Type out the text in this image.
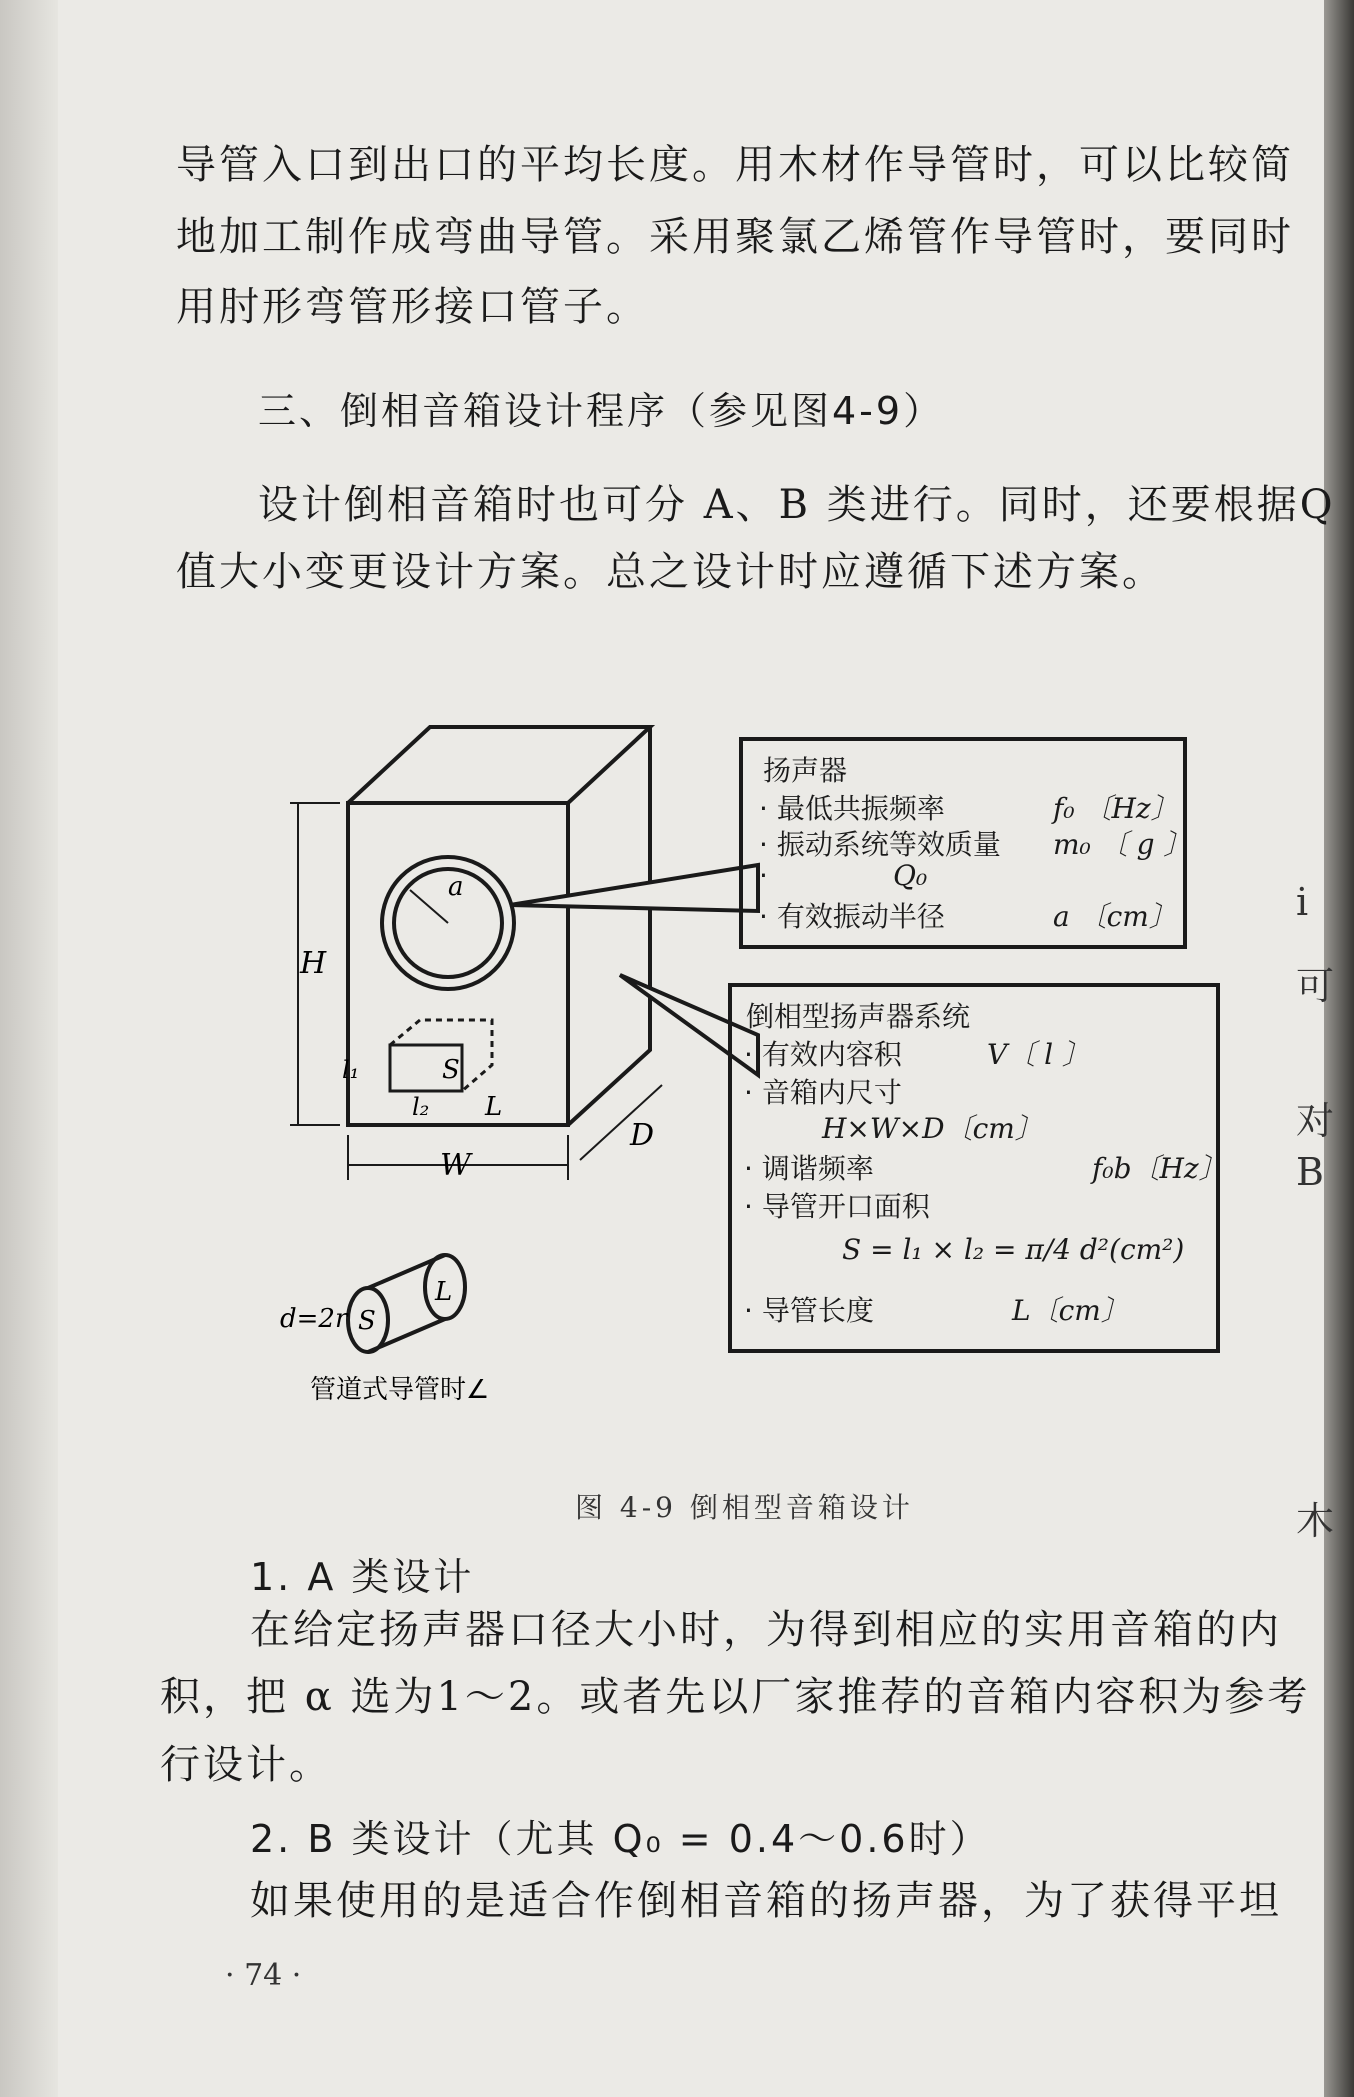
导管入口到出口的平均长度。用木材作导管时，可以比较简
地加工制作成弯曲导管。采用聚氯乙烯管作导管时，要同时
用肘形弯管形接口管子。
三、倒相音箱设计程序（参见图4-9）
设计倒相音箱时也可分 A、B 类进行。同时，还要根据Q
值大小变更设计方案。总之设计时应遵循下述方案。
H
W
D
a
S
l₁
l₂ L
d=2r S
L
管道式导管时∠
扬声器
· 最低共振频率	f₀ 〔Hz〕
· 振动系统等效质量 m₀ 〔 g 〕
·	Q₀
· 有效振动半径	a 〔cm〕
倒相型扬声器系统
· 有效内容积	V〔 l 〕
· 音箱内尺寸
H×W×D〔cm〕
· 调谐频率	f₀b〔Hz〕
· 导管开口面积
S = l₁ × l₂ = π/4 d²(cm²)
· 导管长度	L〔cm〕
图 4-9 倒相型音箱设计
1. A 类设计
在给定扬声器口径大小时，为得到相应的实用音箱的内
积，把 α 选为1～2。或者先以厂家推荐的音箱内容积为参考
行设计。
2. B 类设计（尤其 Q₀ = 0.4～0.6时）
如果使用的是适合作倒相音箱的扬声器，为了获得平坦
· 74 ·
i
可
对
B
木
